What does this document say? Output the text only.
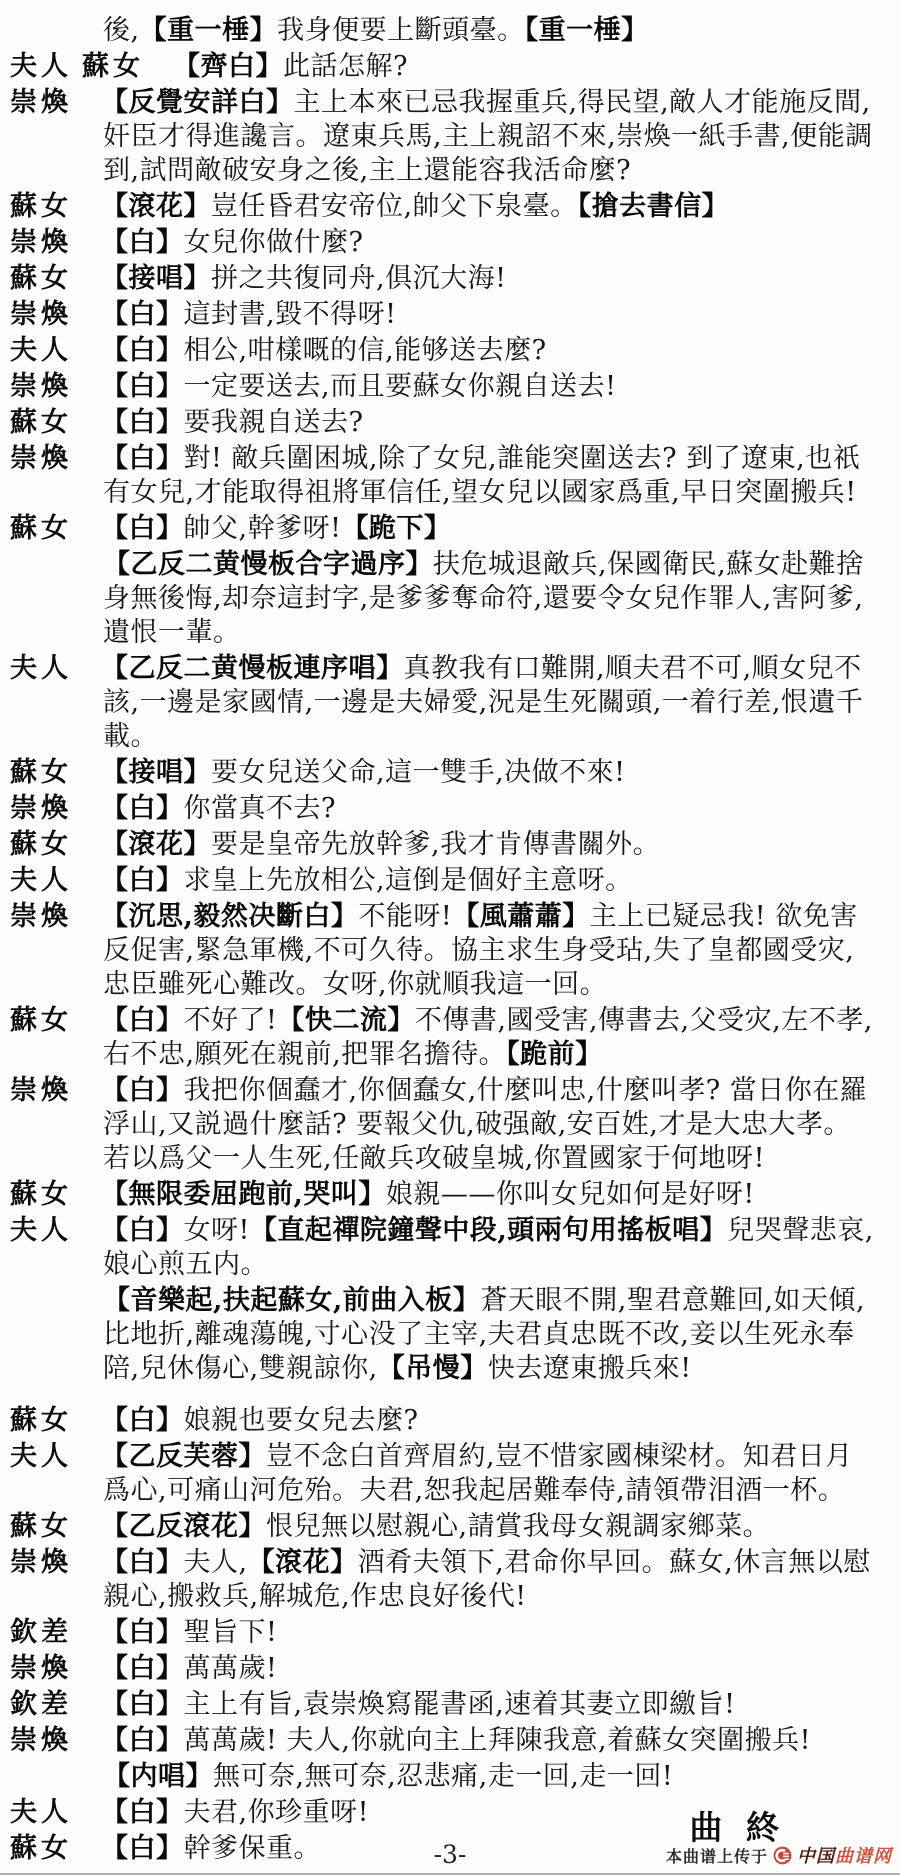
後,【重一棰】我身便要上斷頭臺。【重一棰】
夫人 蘇女 【齊白】此話怎解?
崇煥 【反覺安詳白】主上本來已忌我握重兵,得民望,敵人才能施反間,奸臣才得進讒言。遼東兵馬,主上親詔不來,崇煥一紙手書,便能調到,試問敵破安身之後,主上還能容我活命麼?
蘇女 【滾花】豈任昏君安帝位,帥父下泉臺。【搶去書信】
崇煥 【白】女兒你做什麼?
蘇女 【接唱】拼之共復同舟,俱沉大海!
崇煥 【白】這封書,毀不得呀!
夫人 【白】相公,咁樣嘅的信,能够送去麼?
崇煥 【白】一定要送去,而且要蘇女你親自送去!
蘇女 【白】要我親自送去?
崇煥 【白】對! 敵兵圍困城,除了女兒,誰能突圍送去? 到了遼東,也祇有女兒,才能取得祖將軍信任,望女兒以國家爲重,早日突圍搬兵!
蘇女 【白】帥父,幹爹呀!【跪下】
【乙反二黄慢板合字過序】扶危城退敵兵,保國衛民,蘇女赴難捨身無後悔,却奈這封字,是爹爹奪命符,還要令女兒作罪人,害阿爹,遺恨一輩。
夫人 【乙反二黄慢板連序唱】真教我有口難開,順夫君不可,順女兒不該,一邊是家國情,一邊是夫婦愛,況是生死關頭,一着行差,恨遺千載。
蘇女 【接唱】要女兒送父命,這一雙手,决做不來!
崇煥 【白】你當真不去?
蘇女 【滾花】要是皇帝先放幹爹,我才肯傳書關外。
夫人 【白】求皇上先放相公,這倒是個好主意呀。
崇煥 【沉思,毅然决斷白】不能呀!【風蕭蕭】主上已疑忌我! 欲免害反促害,緊急軍機,不可久待。協主求生身受玷,失了皇都國受灾,忠臣雖死心難改。女呀,你就順我這一回。
蘇女 【白】不好了!【快二流】不傳書,國受害,傳書去,父受灾,左不孝,右不忠,願死在親前,把罪名擔待。【跪前】
崇煥 【白】我把你個蠢才,你個蠢女,什麼叫忠,什麼叫孝? 當日你在羅浮山,又説過什麼話? 要報父仇,破强敵,安百姓,才是大忠大孝。若以爲父一人生死,任敵兵攻破皇城,你置國家于何地呀!
蘇女 【無限委屈跑前,哭叫】娘親——你叫女兒如何是好呀!
夫人 【白】女呀!【直起禪院鐘聲中段,頭兩句用搖板唱】兒哭聲悲哀,娘心煎五内。
【音樂起,扶起蘇女,前曲入板】蒼天眼不開,聖君意難回,如天傾,比地折,離魂蕩魄,寸心没了主宰,夫君貞忠既不改,妾以生死永奉陪,兒休傷心,雙親諒你,【吊慢】快去遼東搬兵來!
蘇女 【白】娘親也要女兒去麼?
夫人 【乙反芙蓉】豈不念白首齊眉約,豈不惜家國棟梁材。知君日月爲心,可痛山河危殆。夫君,恕我起居難奉侍,請領帶泪酒一杯。
蘇女 【乙反滾花】恨兒無以慰親心,請賞我母女親調家鄉菜。
崇煥 【白】夫人,【滾花】酒肴夫領下,君命你早回。蘇女,休言無以慰親心,搬救兵,解城危,作忠良好後代!
欽差 【白】聖旨下!
崇煥 【白】萬萬歲!
欽差 【白】主上有旨,袁崇煥寫罷書函,速着其妻立即繳旨!
崇煥 【白】萬萬歲! 夫人,你就向主上拜陳我意,着蘇女突圍搬兵!
【内唱】無可奈,無可奈,忍悲痛,走一回,走一回!
夫人 【白】夫君,你珍重呀!
蘇女 【白】幹爹保重。
曲 終
-3-	本曲谱上传于 中国曲谱网
